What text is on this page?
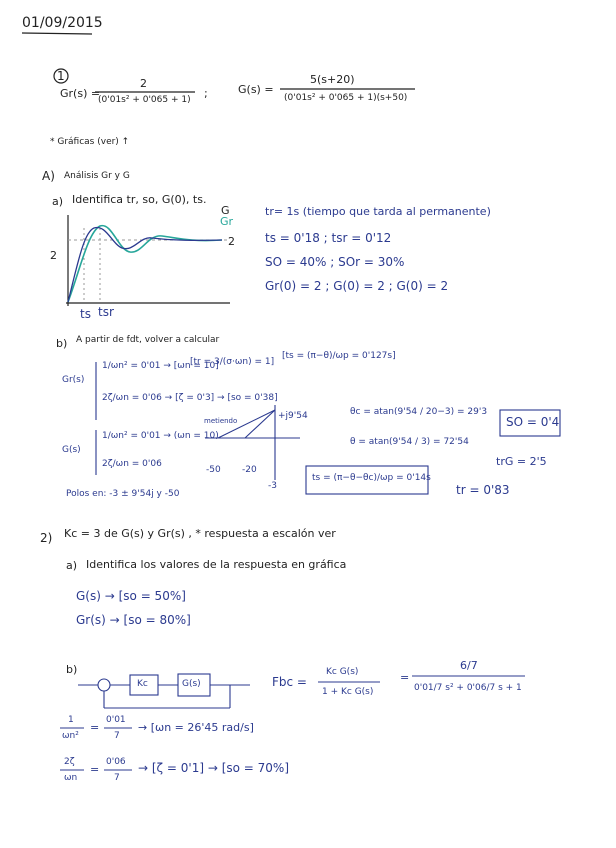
01/09/2015
1
Gr(s) =
2
(0'01s² + 0'065 + 1) ;	G(s) =
5(s+20)
(0'01s² + 0'065 + 1)(s+50)
* Gráficas (ver) ↑
A) Análisis Gr y G
a) Identifica tr, so, G(0), ts.
G
Gr
2
2
ts tsr
tr= 1s (tiempo que tarda al permanente)
ts = 0'18 ; tsr = 0'12
SO = 40% ; SOr = 30%
Gr(0) = 2 ; G(0) = 2 ; G(0) = 2
b) A partir de fdt, volver a calcular
Gr(s)
1/ωn² = 0'01 → [ωn = 10]
[tr = 3/(σ·ωn) = 1]
[ts = (π−θ)/ωp = 0'127s]
2ζ/ωn = 0'06 → [ζ = 0'3] → [so = 0'38]
G(s)
1/ωn² = 0'01 → (ωn = 10)
2ζ/ωn = 0'06
metiendo	+j9'54
-50 -20
-3
θc = atan(9'54 / 20−3) = 29'3
θ = atan(9'54 / 3) = 72'54
SO = 0'4
trG = 2'5
ts = (π−θ−θc)/ωp = 0'14s
tr = 0'83
Polos en: -3 ± 9'54j y -50
2) Kc = 3 de G(s) y Gr(s) , * respuesta a escalón ver
a) Identifica los valores de la respuesta en gráfica
G(s) → [so = 50%]
Gr(s) → [so = 80%]
b)
Kc	G(s)	Fbc =
Kc G(s)
1 + Kc G(s)
=
6/7
0'01/7 s² + 0'06/7 s + 1
1
ωn²
=
0'01
7
→ [ωn = 26'45 rad/s]
2ζ
ωn
=
0'06
7
→ [ζ = 0'1] → [so = 70%]
